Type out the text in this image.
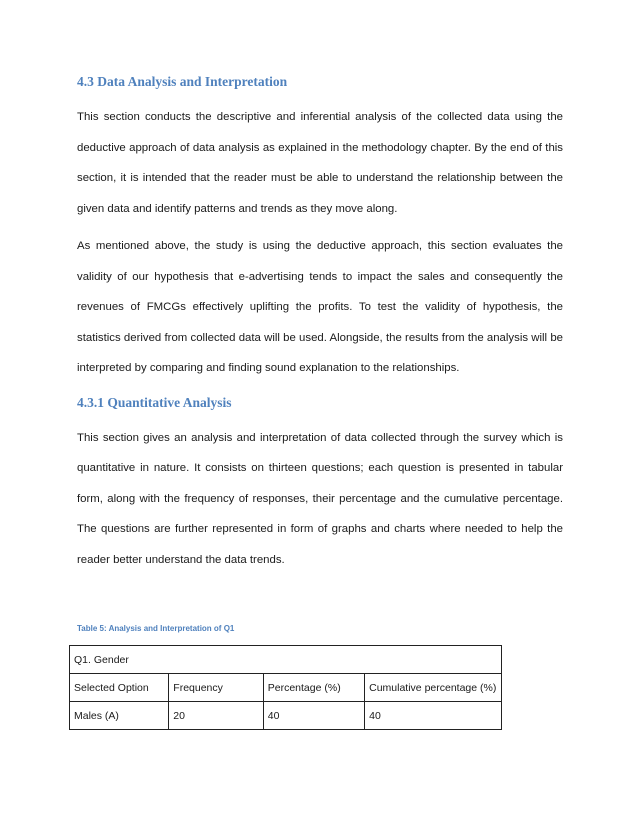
4.3 Data Analysis and Interpretation

This section conducts the descriptive and inferential analysis of the collected data using the deductive approach of data analysis as explained in the methodology chapter. By the end of this section, it is intended that the reader must be able to understand the relationship between the given data and identify patterns and trends as they move along.

As mentioned above, the study is using the deductive approach, this section evaluates the validity of our hypothesis that e-advertising tends to impact the sales and consequently the revenues of FMCGs effectively uplifting the profits. To test the validity of hypothesis, the statistics derived from collected data will be used. Alongside, the results from the analysis will be interpreted by comparing and finding sound explanation to the relationships.

4.3.1 Quantitative Analysis

This section gives an analysis and interpretation of data collected through the survey which is quantitative in nature. It consists on thirteen questions; each question is presented in tabular form, along with the frequency of responses, their percentage and the cumulative percentage. The questions are further represented in form of graphs and charts where needed to help the reader better understand the data trends.

Table 5: Analysis and Interpretation of Q1

Q1. Gender			
Selected Option	Frequency	Percentage (%)	Cumulative percentage (%)
Males (A)	20	40	40
